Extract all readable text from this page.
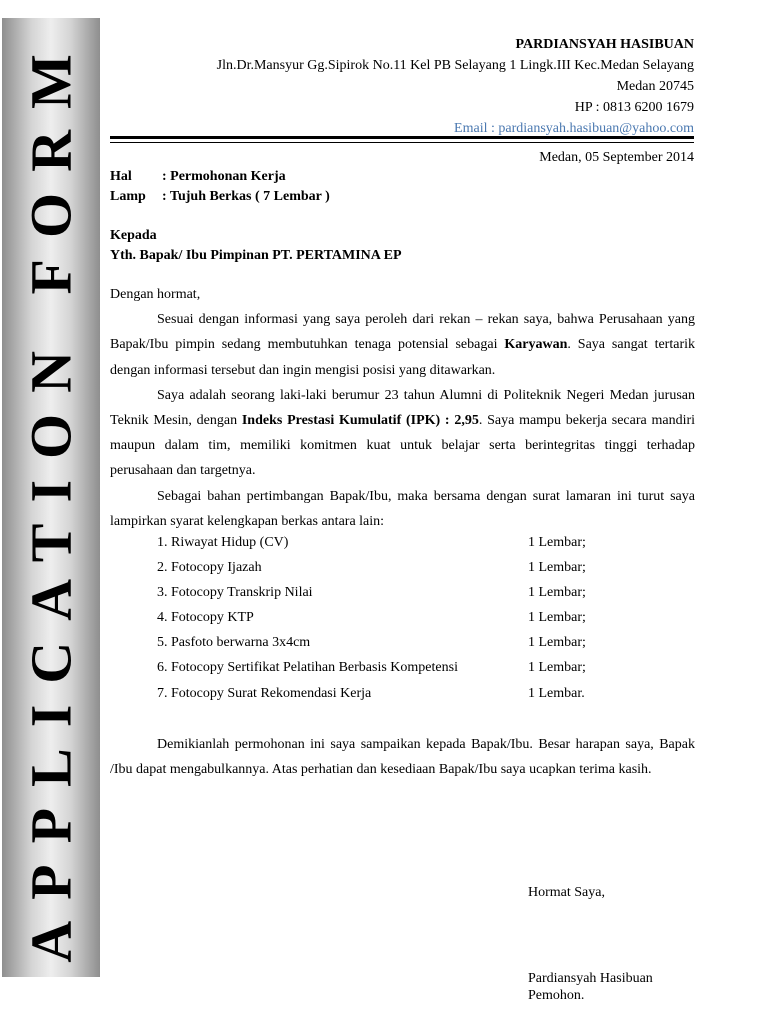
APPLICATION FORM	PARDIANSYAH HASIBUAN
Jln.Dr.Mansyur Gg.Sipirok No.11 Kel PB Selayang 1 Lingk.III Kec.Medan Selayang
Medan 20745
HP : 0813 6200 1679
Email : pardiansyah.hasibuan@yahoo.com
Medan, 05 September 2014
Hal : Permohonan Kerja
Lamp : Tujuh Berkas ( 7 Lembar )
Kepada
Yth. Bapak/ Ibu Pimpinan PT. PERTAMINA EP

Dengan hormat,

Sesuai dengan informasi yang saya peroleh dari rekan – rekan saya, bahwa Perusahaan yang Bapak/Ibu pimpin sedang membutuhkan tenaga potensial sebagai Karyawan. Saya sangat tertarik dengan informasi tersebut dan ingin mengisi posisi yang ditawarkan.

Saya adalah seorang laki-laki berumur 23 tahun Alumni di Politeknik Negeri Medan jurusan Teknik Mesin, dengan Indeks Prestasi Kumulatif (IPK) : 2,95. Saya mampu bekerja secara mandiri maupun dalam tim, memiliki komitmen kuat untuk belajar serta berintegritas tinggi terhadap perusahaan dan targetnya.

Sebagai bahan pertimbangan Bapak/Ibu, maka bersama dengan surat lamaran ini turut saya lampirkan syarat kelengkapan berkas antara lain:

1. Riwayat Hidup (CV)	1 Lembar;
2. Fotocopy Ijazah	1 Lembar;
3. Fotocopy Transkrip Nilai	1 Lembar;
4. Fotocopy KTP	1 Lembar;
5. Pasfoto berwarna 3x4cm	1 Lembar;
6. Fotocopy Sertifikat Pelatihan Berbasis Kompetensi	1 Lembar;
7. Fotocopy Surat Rekomendasi Kerja	1 Lembar.
Demikianlah permohonan ini saya sampaikan kepada Bapak/Ibu. Besar harapan saya, Bapak /Ibu dapat mengabulkannya. Atas perhatian dan kesediaan Bapak/Ibu saya ucapkan terima kasih.
Hormat Saya,
Pardiansyah Hasibuan
Pemohon.
